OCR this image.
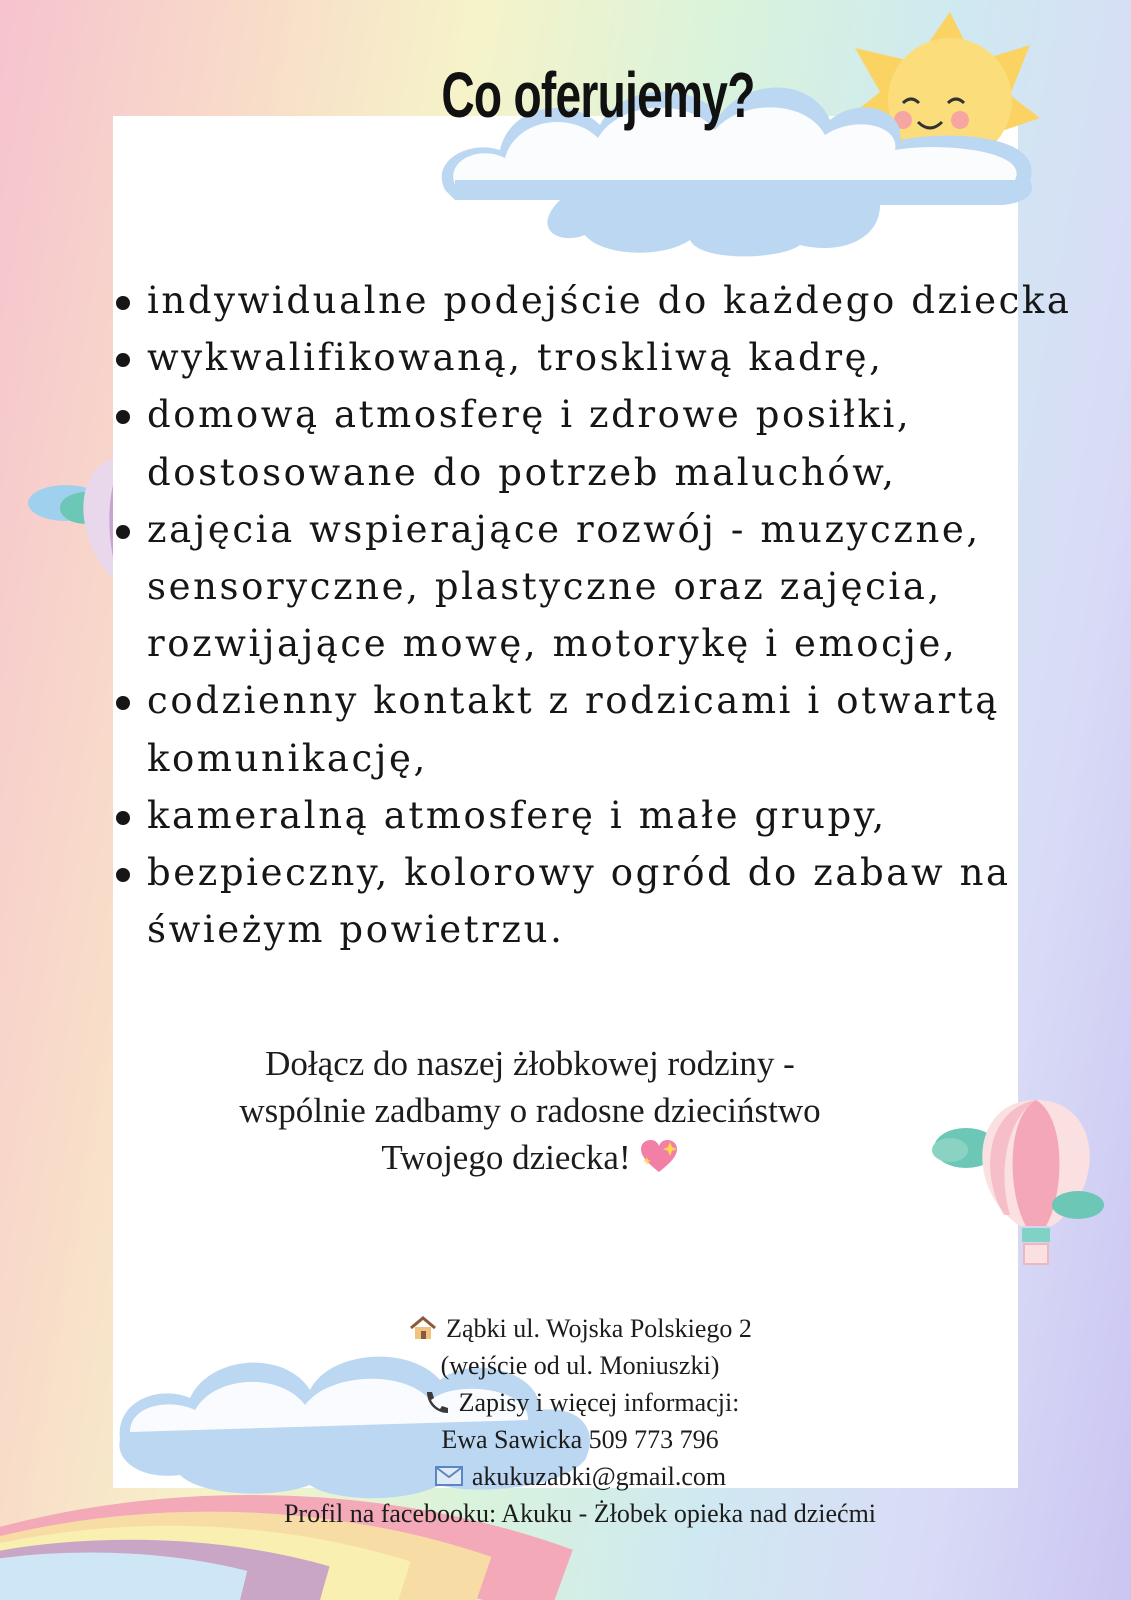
Co oferujemy?
indywidualne podejście do każdego dziecka
wykwalifikowaną, troskliwą kadrę,
domową atmosferę i zdrowe posiłki, dostosowane do potrzeb maluchów,
zajęcia wspierające rozwój - muzyczne, sensoryczne, plastyczne oraz zajęcia, rozwijające mowę, motorykę i emocje,
codzienny kontakt z rodzicami i otwartą komunikację,
kameralną atmosferę i małe grupy,
bezpieczny, kolorowy ogród do zabaw na świeżym powietrzu.

Dołącz do naszej żłobkowej rodziny -

wspólnie zadbamy o radosne dzieciństwo

Twojego dziecka!

Ząbki ul. Wojska Polskiego 2

(wejście od ul. Moniuszki)

Zapisy i więcej informacji:

Ewa Sawicka 509 773 796

akukuzabki@gmail.com

Profil na facebooku: Akuku - Żłobek opieka nad dziećmi
